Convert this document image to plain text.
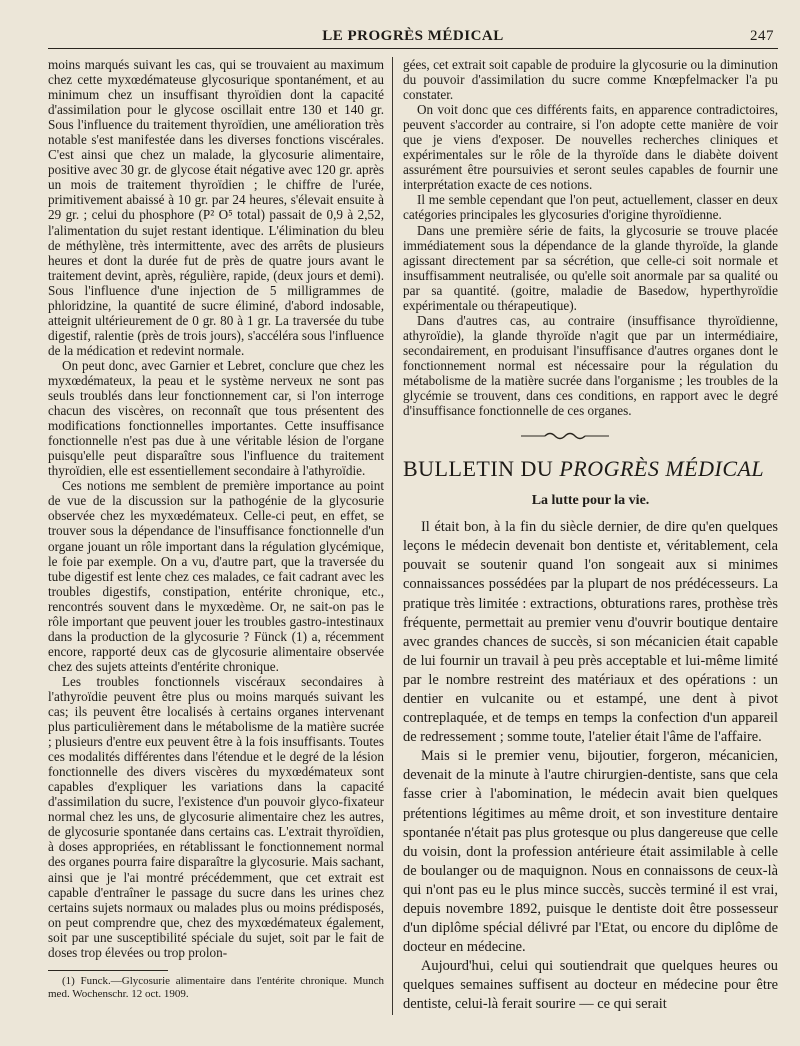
LE PROGRÈS MÉDICAL	247

moins marqués suivant les cas, qui se trouvaient au maximum chez cette myxœdémateuse glycosurique spontanément, et au minimum chez un insuffisant thyroïdien dont la capacité d'assimilation pour le glycose oscillait entre 130 et 140 gr. Sous l'influence du traitement thyroïdien, une amélioration très notable s'est manifestée dans les diverses fonctions viscérales. C'est ainsi que chez un malade, la glycosurie alimentaire, positive avec 30 gr. de glycose était négative avec 120 gr. après un mois de traitement thyroïdien ; le chiffre de l'urée, primitivement abaissé à 10 gr. par 24 heures, s'élevait ensuite à 29 gr. ; celui du phosphore (P² O⁵ total) passait de 0,9 à 2,52, l'alimentation du sujet restant identique. L'élimination du bleu de méthylène, très intermittente, avec des arrêts de plusieurs heures et dont la durée fut de près de quatre jours avant le traitement devint, après, régulière, rapide, (deux jours et demi). Sous l'influence d'une injection de 5 milligrammes de phloridzine, la quantité de sucre éliminé, d'abord indosable, atteignit ultérieurement de 0 gr. 80 à 1 gr. La traversée du tube digestif, ralentie (près de trois jours), s'accéléra sous l'influence de la médication et redevint normale.

On peut donc, avec Garnier et Lebret, conclure que chez les myxœdémateux, la peau et le système nerveux ne sont pas seuls troublés dans leur fonctionnement car, si l'on interroge chacun des viscères, on reconnaît que tous présentent des modifications fonctionnelles importantes. Cette insuffisance fonctionnelle n'est pas due à une véritable lésion de l'organe puisqu'elle peut disparaître sous l'influence du traitement thyroïdien, elle est essentiellement secondaire à l'athyroïdie.

Ces notions me semblent de première importance au point de vue de la discussion sur la pathogénie de la glycosurie observée chez les myxœdémateux. Celle-ci peut, en effet, se trouver sous la dépendance de l'insuffisance fonctionnelle d'un organe jouant un rôle important dans la régulation glycémique, le foie par exemple. On a vu, d'autre part, que la traversée du tube digestif est lente chez ces malades, ce fait cadrant avec les troubles digestifs, constipation, entérite chronique, etc., rencontrés souvent dans le myxœdème. Or, ne sait-on pas le rôle important que peuvent jouer les troubles gastro-intestinaux dans la production de la glycosurie ? Fünck (1) a, récemment encore, rapporté deux cas de glycosurie alimentaire observée chez des sujets atteints d'entérite chronique.

Les troubles fonctionnels viscéraux secondaires à l'athyroïdie peuvent être plus ou moins marqués suivant les cas; ils peuvent être localisés à certains organes intervenant plus particulièrement dans le métabolisme de la matière sucrée ; plusieurs d'entre eux peuvent être à la fois insuffisants. Toutes ces modalités différentes dans l'étendue et le degré de la lésion fonctionnelle des divers viscères du myxœdémateux sont capables d'expliquer les variations dans la capacité d'assimilation du sucre, l'existence d'un pouvoir glyco-fixateur normal chez les uns, de glycosurie alimentaire chez les autres, de glycosurie spontanée dans certains cas. L'extrait thyroïdien, à doses appropriées, en rétablissant le fonctionnement normal des organes pourra faire disparaître la glycosurie. Mais sachant, ainsi que je l'ai montré précédemment, que cet extrait est capable d'entraîner le passage du sucre dans les urines chez certains sujets normaux ou malades plus ou moins prédisposés, on peut comprendre que, chez des myxœdémateux également, soit par une susceptibilité spéciale du sujet, soit par le fait de doses trop élevées ou trop prolon-

(1) Funck.—Glycosurie alimentaire dans l'entérite chronique. Munch med. Wochenschr. 12 oct. 1909.

gées, cet extrait soit capable de produire la glycosurie ou la diminution du pouvoir d'assimilation du sucre comme Knœpfelmacker l'a pu constater.

On voit donc que ces différents faits, en apparence contradictoires, peuvent s'accorder au contraire, si l'on adopte cette manière de voir que je viens d'exposer. De nouvelles recherches cliniques et expérimentales sur le rôle de la thyroïde dans le diabète doivent assurément être poursuivies et seront seules capables de fournir une interprétation exacte de ces notions.

Il me semble cependant que l'on peut, actuellement, classer en deux catégories principales les glycosuries d'origine thyroïdienne.

Dans une première série de faits, la glycosurie se trouve placée immédiatement sous la dépendance de la glande thyroïde, la glande agissant directement par sa sécrétion, que celle-ci soit normale et insuffisamment neutralisée, ou qu'elle soit anormale par sa qualité ou par sa quantité. (goitre, maladie de Basedow, hyperthyroïdie expérimentale ou thérapeutique).

Dans d'autres cas, au contraire (insuffisance thyroïdienne, athyroïdie), la glande thyroïde n'agit que par un intermédiaire, secondairement, en produisant l'insuffisance d'autres organes dont le fonctionnement normal est nécessaire pour la régulation du métabolisme de la matière sucrée dans l'organisme ; les troubles de la glycémie se trouvent, dans ces conditions, en rapport avec le degré d'insuffisance fonctionnelle de ces organes.

BULLETIN DU PROGRÈS MÉDICAL
La lutte pour la vie.

Il était bon, à la fin du siècle dernier, de dire qu'en quelques leçons le médecin devenait bon dentiste et, véritablement, cela pouvait se soutenir quand l'on songeait aux si minimes connaissances possédées par la plupart de nos prédécesseurs. La pratique très limitée : extractions, obturations rares, prothèse très fréquente, permettait au premier venu d'ouvrir boutique dentaire avec grandes chances de succès, si son mécanicien était capable de lui fournir un travail à peu près acceptable et lui-même limité par le nombre restreint des matériaux et des opérations : un dentier en vulcanite ou et estampé, une dent à pivot contreplaquée, et de temps en temps la confection d'un appareil de redressement ; somme toute, l'atelier était l'âme de l'affaire.

Mais si le premier venu, bijoutier, forgeron, mécanicien, devenait de la minute à l'autre chirurgien-dentiste, sans que cela fasse crier à l'abomination, le médecin avait bien quelques prétentions légitimes au même droit, et son investiture dentaire spontanée n'était pas plus grotesque ou plus dangereuse que celle du voisin, dont la profession antérieure était assimilable à celle de boulanger ou de maquignon. Nous en connaissons de ceux-là qui n'ont pas eu le plus mince succès, succès terminé il est vrai, depuis novembre 1892, puisque le dentiste doit être possesseur d'un diplôme spécial délivré par l'Etat, ou encore du diplôme de docteur en médecine.

Aujourd'hui, celui qui soutiendrait que quelques heures ou quelques semaines suffisent au docteur en médecine pour être dentiste, celui-là ferait sourire — ce qui serait
